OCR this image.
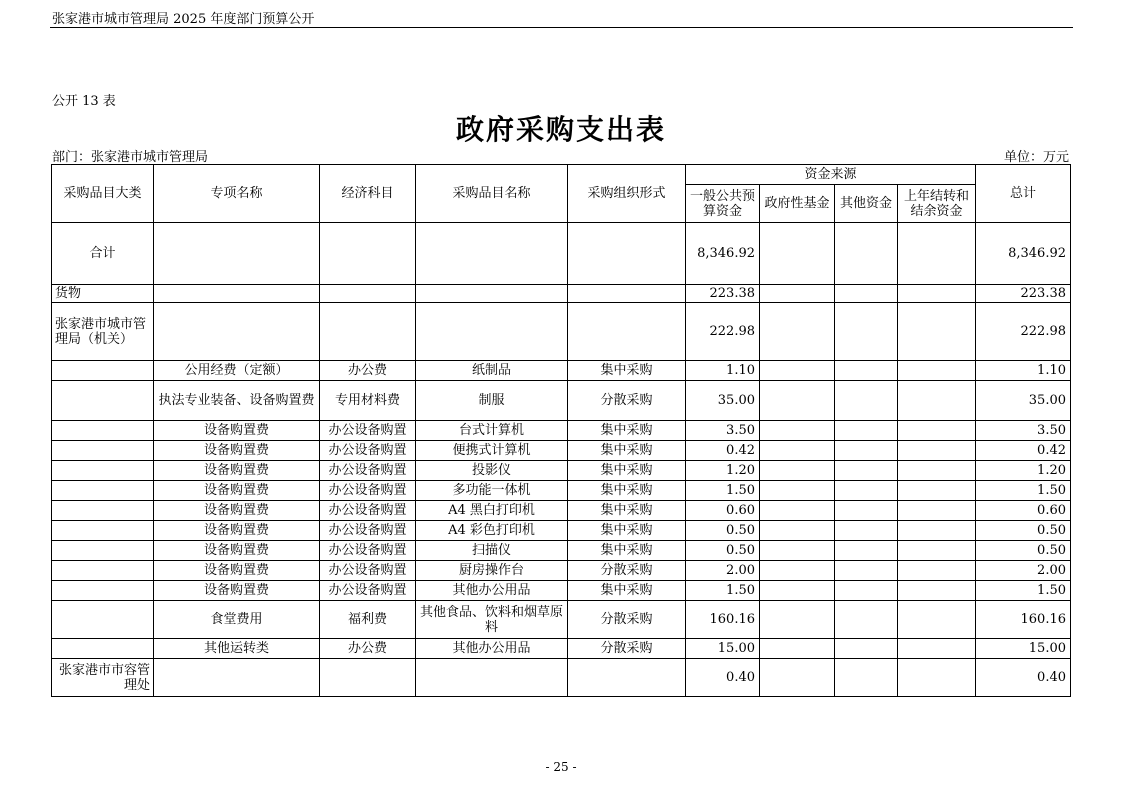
张家港市城市管理局 2025 年度部门预算公开
公开 13 表
政府采购支出表
部门：张家港市城市管理局	单位：万元
采购品目大类	专项名称	经济科目	采购品目名称	采购组织形式	资金来源				总计
					一般公共预算资金	政府性基金	其他资金	上年结转和结余资金	
合计					8,346.92				8,346.92
货物					223.38				223.38
张家港市城市管理局（机关）					222.98				222.98
	公用经费（定额）	办公费	纸制品	集中采购	1.10				1.10
	执法专业装备、设备购置费	专用材料费	制服	分散采购	35.00				35.00
	设备购置费	办公设备购置	台式计算机	集中采购	3.50				3.50
	设备购置费	办公设备购置	便携式计算机	集中采购	0.42				0.42
	设备购置费	办公设备购置	投影仪	集中采购	1.20				1.20
	设备购置费	办公设备购置	多功能一体机	集中采购	1.50				1.50
	设备购置费	办公设备购置	A4 黑白打印机	集中采购	0.60				0.60
	设备购置费	办公设备购置	A4 彩色打印机	集中采购	0.50				0.50
	设备购置费	办公设备购置	扫描仪	集中采购	0.50				0.50
	设备购置费	办公设备购置	厨房操作台	分散采购	2.00				2.00
	设备购置费	办公设备购置	其他办公用品	集中采购	1.50				1.50
	食堂费用	福利费	其他食品、饮料和烟草原料	分散采购	160.16				160.16
	其他运转类	办公费	其他办公用品	分散采购	15.00				15.00
张家港市市容管理处					0.40				0.40
- 25 -
